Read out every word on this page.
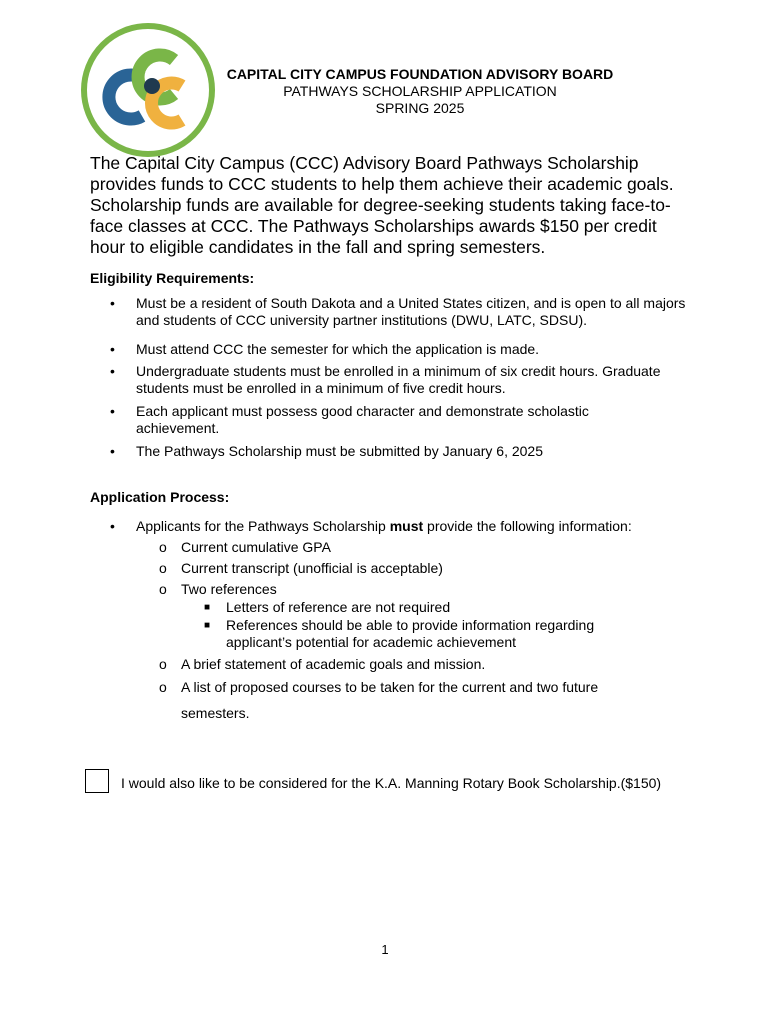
CAPITAL CITY CAMPUS FOUNDATION ADVISORY BOARD
PATHWAYS SCHOLARSHIP APPLICATION
SPRING 2025
The Capital City Campus (CCC) Advisory Board Pathways Scholarship provides funds to CCC students to help them achieve their academic goals. Scholarship funds are available for degree-seeking students taking face-to-face classes at CCC. The Pathways Scholarships awards $150 per credit hour to eligible candidates in the fall and spring semesters.
Eligibility Requirements:
• Must be a resident of South Dakota and a United States citizen, and is open to all majors and students of CCC university partner institutions (DWU, LATC, SDSU).
• Must attend CCC the semester for which the application is made.
• Undergraduate students must be enrolled in a minimum of six credit hours. Graduate students must be enrolled in a minimum of five credit hours.
• Each applicant must possess good character and demonstrate scholastic achievement.
• The Pathways Scholarship must be submitted by January 6, 2025
Application Process:
• Applicants for the Pathways Scholarship must provide the following information:
o Current cumulative GPA
o Current transcript (unofficial is acceptable)
o Two references
■ Letters of reference are not required
■ References should be able to provide information regarding applicant’s potential for academic achievement
o A brief statement of academic goals and mission.
o A list of proposed courses to be taken for the current and two future semesters.
I would also like to be considered for the K.A. Manning Rotary Book Scholarship.($150)
1
